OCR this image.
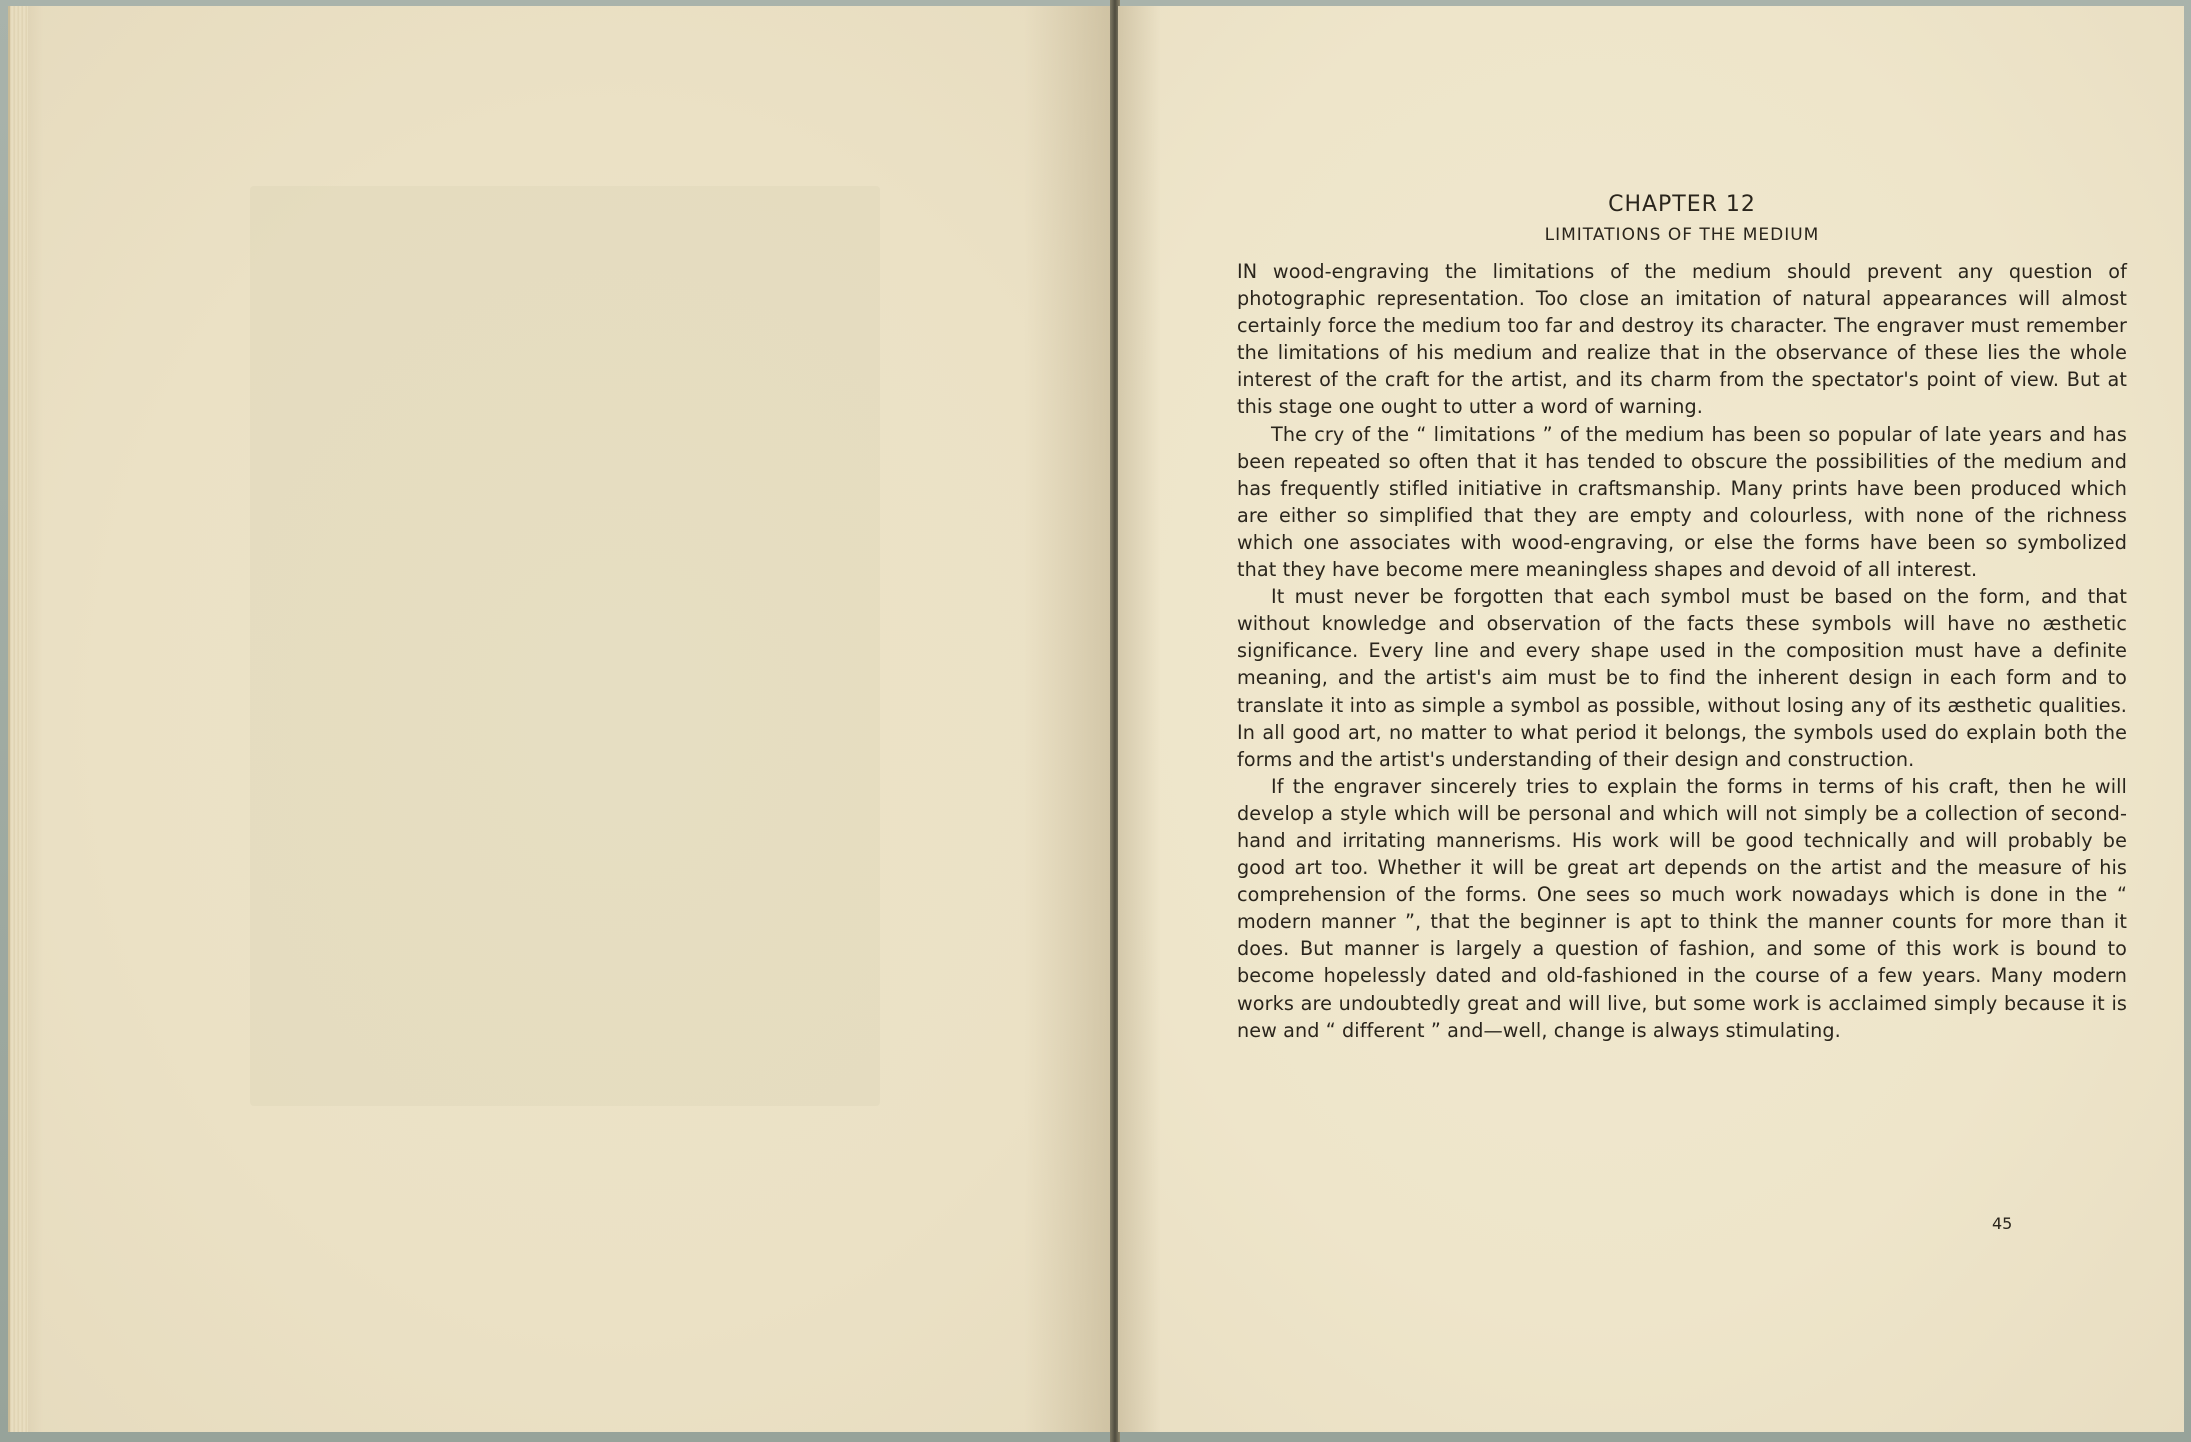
CHAPTER 12
LIMITATIONS OF THE MEDIUM

IN wood-engraving the limitations of the medium should prevent any question of photographic representation. Too close an imitation of natural appearances will almost certainly force the medium too far and destroy its character. The engraver must remember the limitations of his medium and realize that in the observance of these lies the whole interest of the craft for the artist, and its charm from the spectator's point of view. But at this stage one ought to utter a word of warning.

The cry of the “ limitations ” of the medium has been so popular of late years and has been repeated so often that it has tended to obscure the possibilities of the medium and has frequently stifled initiative in craftsmanship. Many prints have been produced which are either so simplified that they are empty and colourless, with none of the richness which one associates with wood-engraving, or else the forms have been so symbolized that they have become mere meaningless shapes and devoid of all interest.

It must never be forgotten that each symbol must be based on the form, and that without knowledge and observation of the facts these symbols will have no æsthetic significance. Every line and every shape used in the composition must have a definite meaning, and the artist's aim must be to find the inherent design in each form and to translate it into as simple a symbol as possible, without losing any of its æsthetic qualities. In all good art, no matter to what period it belongs, the symbols used do explain both the forms and the artist's understanding of their design and construction.

If the engraver sincerely tries to explain the forms in terms of his craft, then he will develop a style which will be personal and which will not simply be a collection of second-hand and irritating mannerisms. His work will be good technically and will probably be good art too. Whether it will be great art depends on the artist and the measure of his comprehension of the forms. One sees so much work nowadays which is done in the “ modern manner ”, that the beginner is apt to think the manner counts for more than it does. But manner is largely a question of fashion, and some of this work is bound to become hopelessly dated and old-fashioned in the course of a few years. Many modern works are undoubtedly great and will live, but some work is acclaimed simply because it is new and “ different ” and—well, change is always stimulating.

45
